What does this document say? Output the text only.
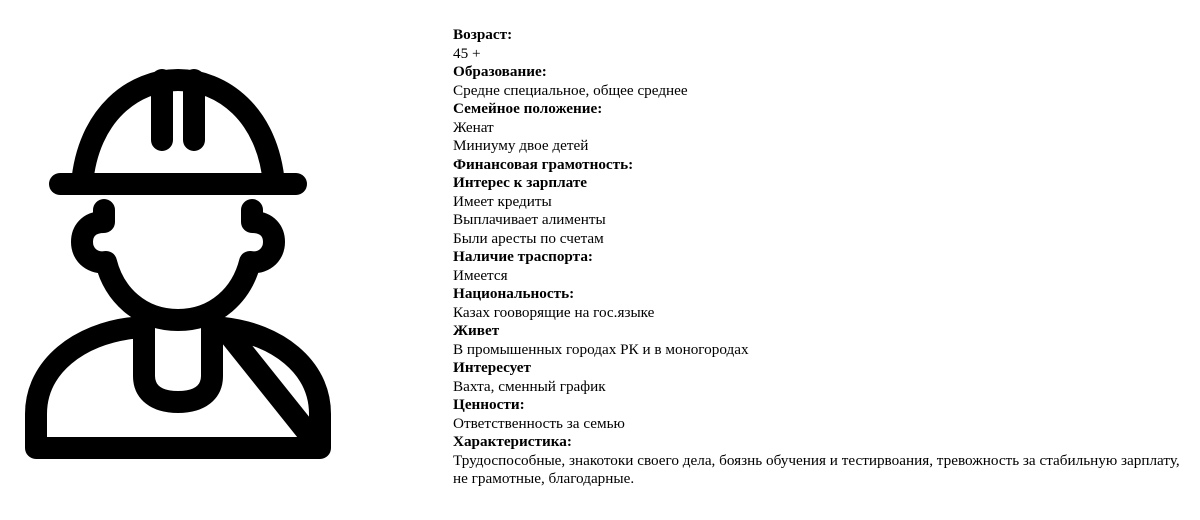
Возраст:

45 +

Образование:

Средне специальное, общее среднее

Семейное положение:

Женат

Миниуму двое детей

Финансовая грамотность:

Интерес к зарплате

Имеет кредиты

Выплачивает алименты

Были аресты по счетам

Наличие траспорта:

Имеется

Национальность:

Казах гооворящие на гос.языке

Живет

В промышенных городах РК и в моногородах

Интересует

Вахта, сменный график

Ценности:

Ответственность за семью

Характеристика:

Трудоспособные, знакотоки своего дела, боязнь обучения и тестирвоания, тревожность за стабильную зарплату, не грамотные, благодарные.
